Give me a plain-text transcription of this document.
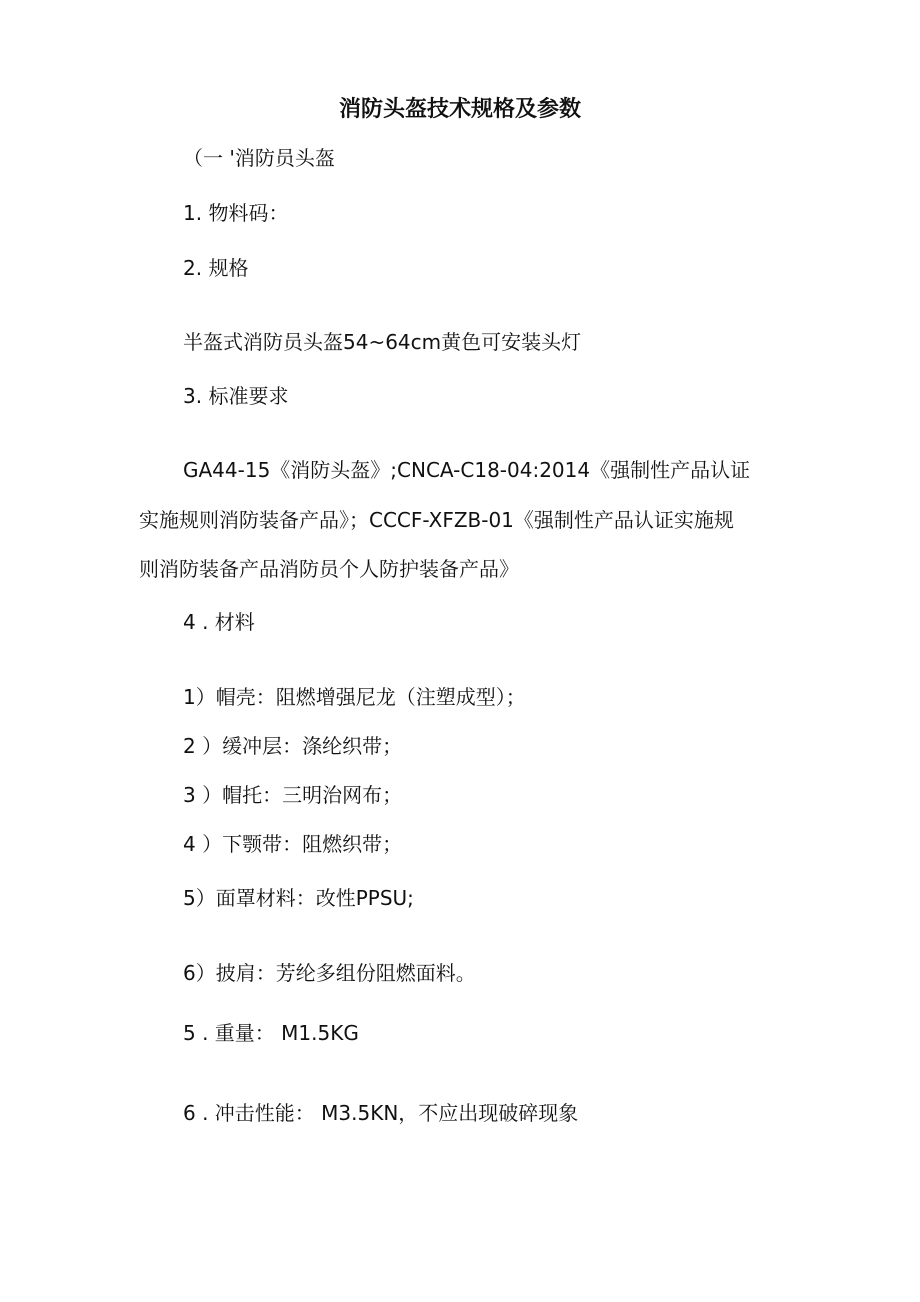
消防头盔技术规格及参数
（一 '消防员头盔
1. 物料码：
2. 规格
半盔式消防员头盔54~64cm黄色可安装头灯
3. 标准要求
GA44-15《消防头盔》;CNCA-C18-04:2014《强制性产品认证
实施规则消防装备产品》；CCCF-XFZB-01《强制性产品认证实施规
则消防装备产品消防员个人防护装备产品》
4 . 材料
1）帽壳：阻燃增强尼龙（注塑成型）；
2 ）缓冲层：涤纶织带；
3 ）帽托：三明治网布；
4 ）下颚带：阻燃织带；
5）面罩材料：改性PPSU;
6）披肩：芳纶多组份阻燃面料。
5 . 重量： M1.5KG
6 . 冲击性能： M3.5KN，不应出现破碎现象
